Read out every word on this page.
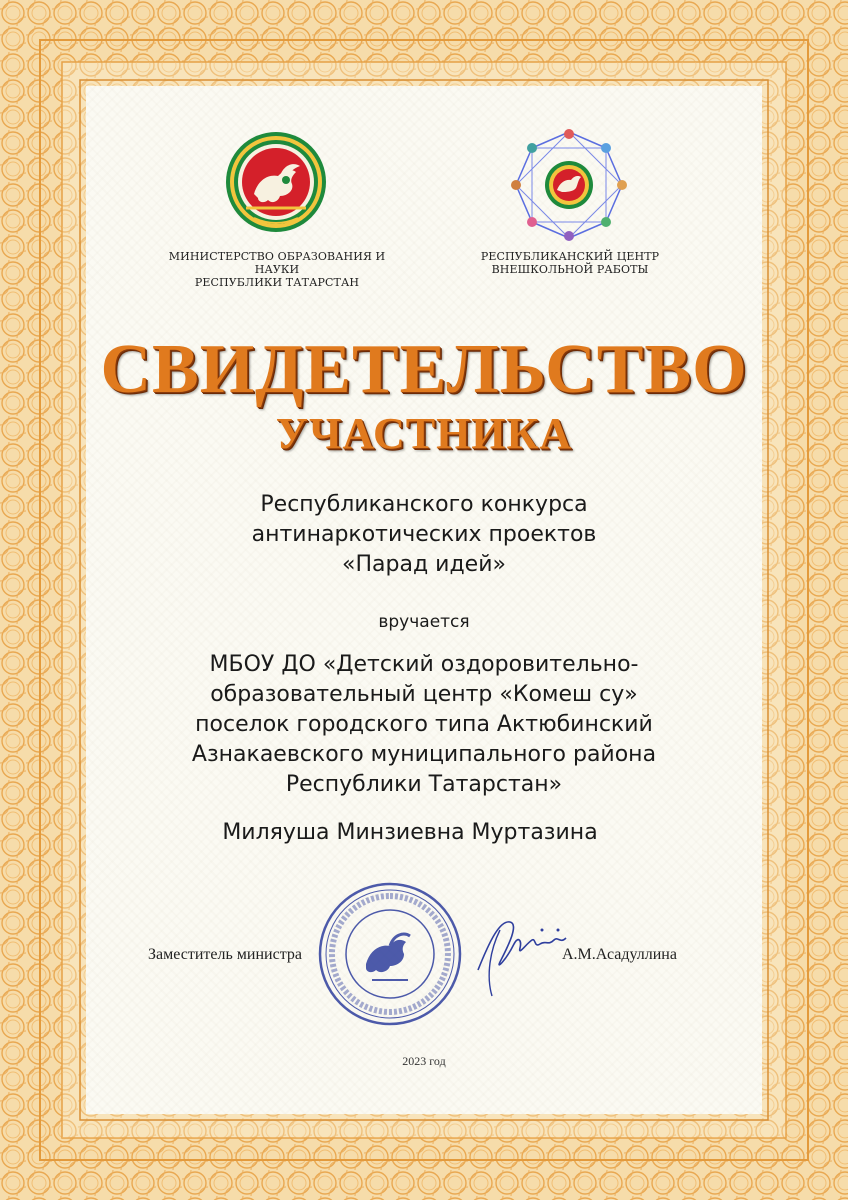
МИНИСТЕРСТВО ОБРАЗОВАНИЯ И НАУКИ
РЕСПУБЛИКИ ТАТАРСТАН
РЕСПУБЛИКАНСКИЙ ЦЕНТР
ВНЕШКОЛЬНОЙ РАБОТЫ
СВИДЕТЕЛЬСТВО
УЧАСТНИКА
Республиканского конкурса
антинаркотических проектов
«Парад идей»
вручается
МБОУ ДО «Детский оздоровительно-
образовательный центр «Комеш су»
поселок городского типа Актюбинский
Азнакаевского муниципального района
Республики Татарстан»
Миляуша Минзиевна Муртазина
Заместитель министра	А.М.Асадуллина
2023 год
